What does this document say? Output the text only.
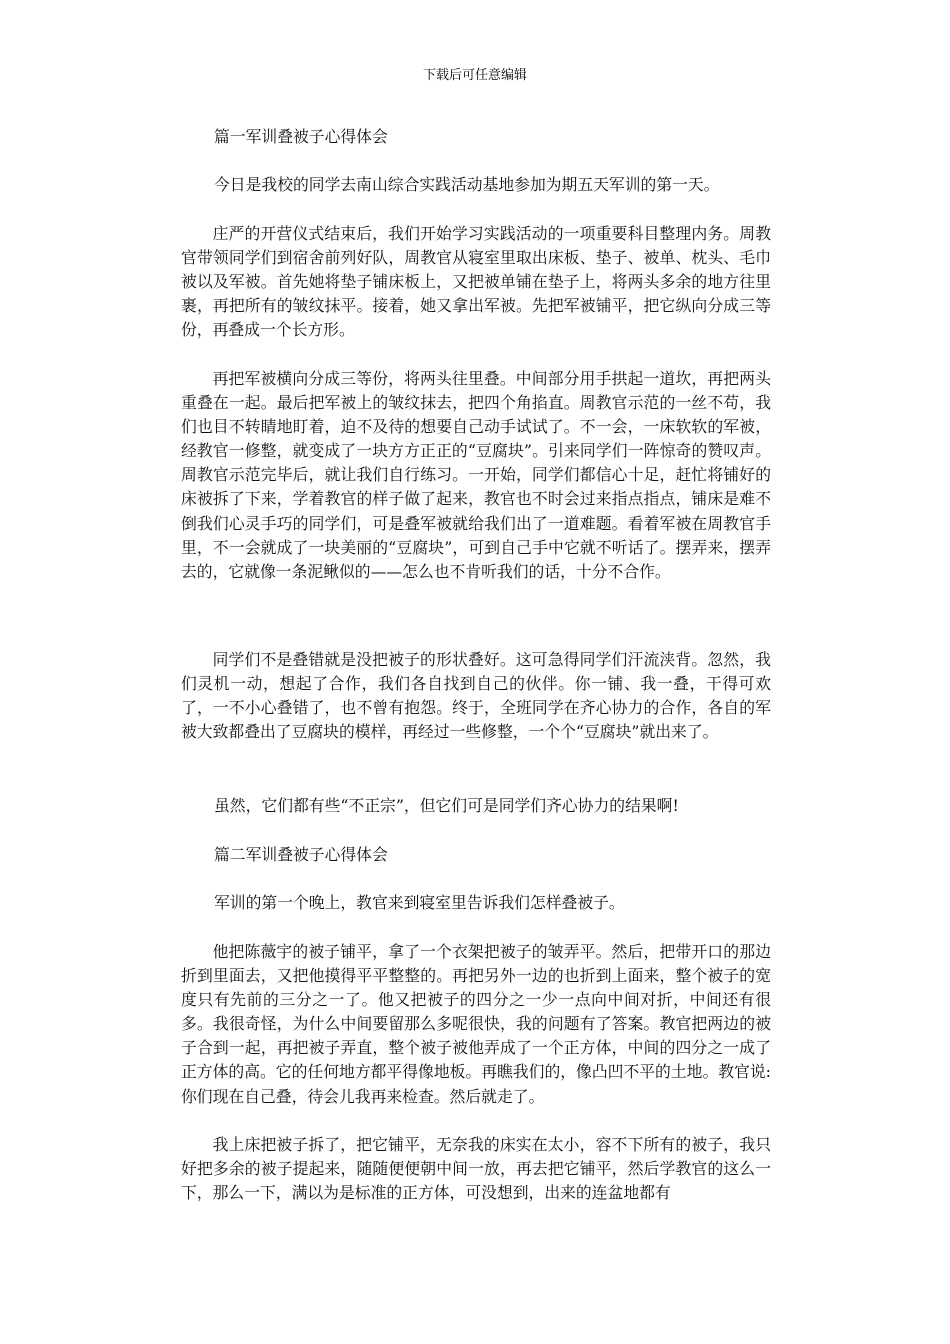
下载后可任意编辑

篇一军训叠被子心得体会

今日是我校的同学去南山综合实践活动基地参加为期五天军训的第一天。

庄严的开营仪式结束后，我们开始学习实践活动的一项重要科目整理内务。周教官带领同学们到宿舍前列好队，周教官从寝室里取出床板、垫子、被单、枕头、毛巾被以及军被。首先她将垫子铺床板上，又把被单铺在垫子上，将两头多余的地方往里裹，再把所有的皱纹抹平。接着，她又拿出军被。先把军被铺平，把它纵向分成三等份，再叠成一个长方形。

再把军被横向分成三等份，将两头往里叠。中间部分用手拱起一道坎，再把两头重叠在一起。最后把军被上的皱纹抹去，把四个角掐直。周教官示范的一丝不苟，我们也目不转睛地盯着，迫不及待的想要自己动手试试了。不一会，一床软软的军被，经教官一修整，就变成了一块方方正正的“豆腐块”。引来同学们一阵惊奇的赞叹声。周教官示范完毕后，就让我们自行练习。一开始，同学们都信心十足，赶忙将铺好的床被拆了下来，学着教官的样子做了起来，教官也不时会过来指点指点，铺床是难不倒我们心灵手巧的同学们，可是叠军被就给我们出了一道难题。看着军被在周教官手里，不一会就成了一块美丽的“豆腐块”，可到自己手中它就不听话了。摆弄来，摆弄去的，它就像一条泥鳅似的——怎么也不肯听我们的话，十分不合作。

同学们不是叠错就是没把被子的形状叠好。这可急得同学们汗流浃背。忽然，我们灵机一动，想起了合作，我们各自找到自己的伙伴。你一铺、我一叠，干得可欢了，一不小心叠错了，也不曾有抱怨。终于，全班同学在齐心协力的合作，各自的军被大致都叠出了豆腐块的模样，再经过一些修整，一个个“豆腐块”就出来了。

虽然，它们都有些“不正宗”，但它们可是同学们齐心协力的结果啊!

篇二军训叠被子心得体会

军训的第一个晚上，教官来到寝室里告诉我们怎样叠被子。

他把陈薇宇的被子铺平，拿了一个衣架把被子的皱弄平。然后，把带开口的那边折到里面去，又把他摸得平平整整的。再把另外一边的也折到上面来，整个被子的宽度只有先前的三分之一了。他又把被子的四分之一少一点向中间对折，中间还有很多。我很奇怪，为什么中间要留那么多呢很快，我的问题有了答案。教官把两边的被子合到一起，再把被子弄直，整个被子被他弄成了一个正方体，中间的四分之一成了正方体的高。它的任何地方都平得像地板。再瞧我们的，像凸凹不平的土地。教官说:你们现在自己叠，待会儿我再来检查。然后就走了。

我上床把被子拆了，把它铺平，无奈我的床实在太小，容不下所有的被子，我只好把多余的被子提起来，随随便便朝中间一放，再去把它铺平，然后学教官的这么一下，那么一下，满以为是标准的正方体，可没想到，出来的连盆地都有
